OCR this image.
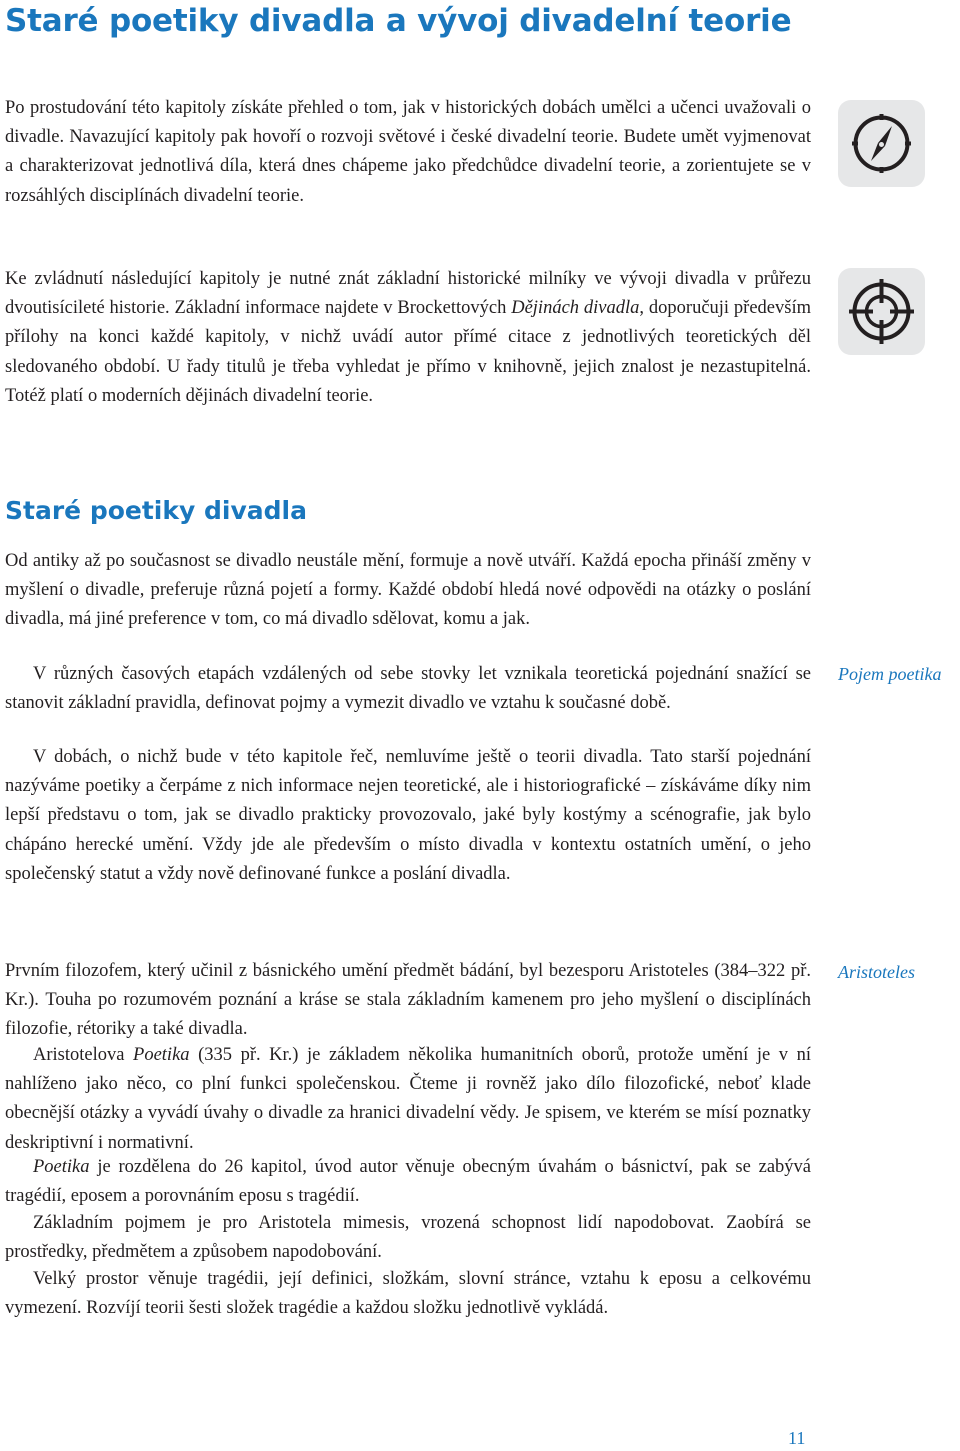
Staré poetiky divadla a vývoj divadelní teorie

Po prostudování této kapitoly získáte přehled o tom, jak v historických dobách umělci a učenci uvažovali o divadle. Navazující kapitoly pak hovoří o rozvoji světové i české divadelní teorie. Budete umět vyjmenovat a charakterizovat jednotlivá díla, která dnes chápeme jako předchůdce divadelní teorie, a zorientujete se v rozsáhlých disciplínách divadelní teorie.

Ke zvládnutí následující kapitoly je nutné znát základní historické milníky ve vývoji divadla v průřezu dvoutisícileté historie. Základní informace najdete v Brockettových Dějinách divadla, doporučuji především přílohy na konci každé kapitoly, v nichž uvádí autor přímé citace z jednotlivých teoretických děl sledovaného období. U řady titulů je třeba vyhledat je přímo v knihovně, jejich znalost je nezastupitelná. Totéž platí o moderních dějinách divadelní teorie.

Staré poetiky divadla

Od antiky až po současnost se divadlo neustále mění, formuje a nově utváří. Každá epocha přináší změny v myšlení o divadle, preferuje různá pojetí a formy. Každé období hledá nové odpovědi na otázky o poslání divadla, má jiné preference v tom, co má divadlo sdělovat, komu a jak.

V různých časových etapách vzdálených od sebe stovky let vznikala teoretická pojednání snažící se stanovit základní pravidla, definovat pojmy a vymezit divadlo ve vztahu k současné době.

V dobách, o nichž bude v této kapitole řeč, nemluvíme ještě o teorii divadla. Tato starší pojednání nazýváme poetiky a čerpáme z nich informace nejen teoretické, ale i historiografické – získáváme díky nim lepší představu o tom, jak se divadlo prakticky provozovalo, jaké byly kostýmy a scénografie, jak bylo chápáno herecké umění. Vždy jde ale především o místo divadla v kontextu ostatních umění, o jeho společenský statut a vždy nově definované funkce a poslání divadla.

Pojem poetika

Aristoteles

Prvním filozofem, který učinil z básnického umění předmět bádání, byl bezesporu Aristoteles (384–322 př. Kr.). Touha po rozumovém poznání a kráse se stala základním kamenem pro jeho myšlení o disciplínách filozofie, rétoriky a také divadla.

Aristotelova Poetika (335 př. Kr.) je základem několika humanitních oborů, protože umění je v ní nahlíženo jako něco, co plní funkci společenskou. Čteme ji rovněž jako dílo filozofické, neboť klade obecnější otázky a vyvádí úvahy o divadle za hranici divadelní vědy. Je spisem, ve kterém se mísí poznatky deskriptivní i normativní.

Poetika je rozdělena do 26 kapitol, úvod autor věnuje obecným úvahám o básnictví, pak se zabývá tragédií, eposem a porovnáním eposu s tragédií.

Základním pojmem je pro Aristotela mimesis, vrozená schopnost lidí napodobovat. Zaobírá se prostředky, předmětem a způsobem napodobování.

Velký prostor věnuje tragédii, její definici, složkám, slovní stránce, vztahu k eposu a celkovému vymezení. Rozvíjí teorii šesti složek tragédie a každou složku jednotlivě vykládá.

11
